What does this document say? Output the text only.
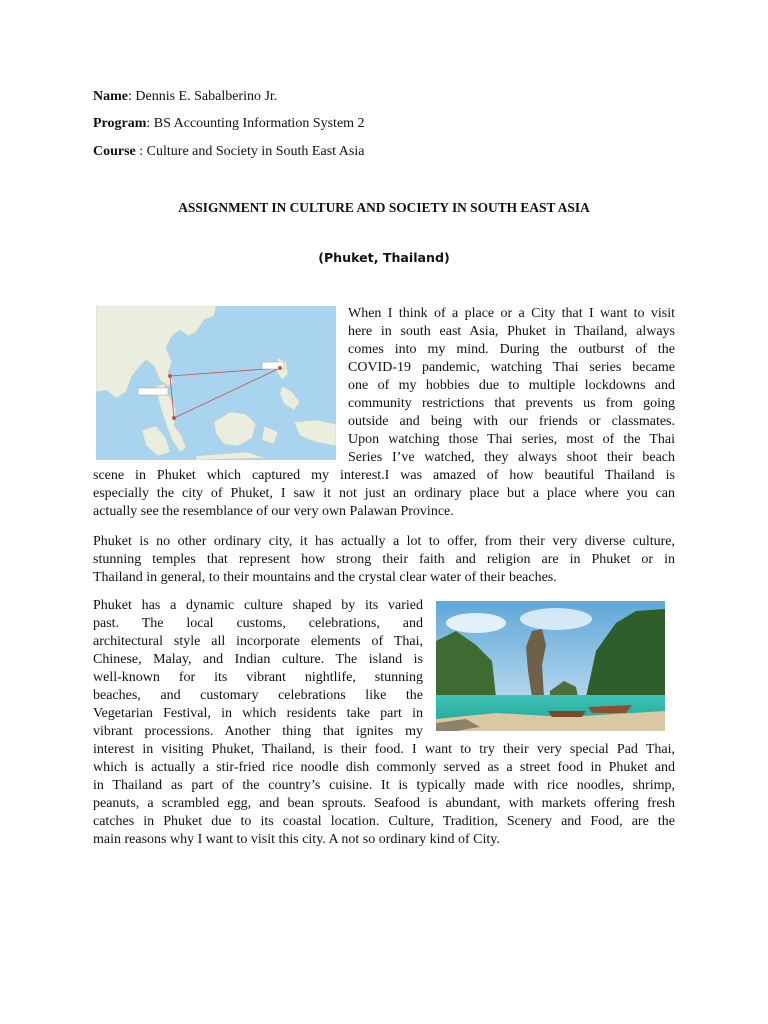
Name: Dennis E. Sabalberino Jr.
Program: BS Accounting Information System 2
Course : Culture and Society in South East Asia
ASSIGNMENT IN CULTURE AND SOCIETY IN SOUTH EAST ASIA
(Phuket, Thailand)
When I think of a place or a City that I want to visit
here in south east Asia, Phuket in Thailand, always
comes into my mind. During the outburst of the
COVID-19 pandemic, watching Thai series became
one of my hobbies due to multiple lockdowns and
community restrictions that prevents us from going
outside and being with our friends or classmates.
Upon watching those Thai series, most of the Thai
Series I’ve watched, they always shoot their beach
scene in Phuket which captured my interest.I was amazed of how beautiful Thailand is
especially the city of Phuket, I saw it not just an ordinary place but a place where you can
actually see the resemblance of our very own Palawan Province.
Phuket is no other ordinary city, it has actually a lot to offer, from their very diverse culture,
stunning temples that represent how strong their faith and religion are in Phuket or in
Thailand in general, to their mountains and the crystal clear water of their beaches.
Phuket has a dynamic culture shaped by its varied
past. The local customs, celebrations, and
architectural style all incorporate elements of Thai,
Chinese, Malay, and Indian culture. The island is
well-known for its vibrant nightlife, stunning
beaches, and customary celebrations like the
Vegetarian Festival, in which residents take part in
vibrant processions. Another thing that ignites my
interest in visiting Phuket, Thailand, is their food. I want to try their very special Pad Thai,
which is actually a stir-fried rice noodle dish commonly served as a street food in Phuket and
in Thailand as part of the country’s cuisine. It is typically made with rice noodles, shrimp,
peanuts, a scrambled egg, and bean sprouts. Seafood is abundant, with markets offering fresh
catches in Phuket due to its coastal location. Culture, Tradition, Scenery and Food, are the
main reasons why I want to visit this city. A not so ordinary kind of City.
